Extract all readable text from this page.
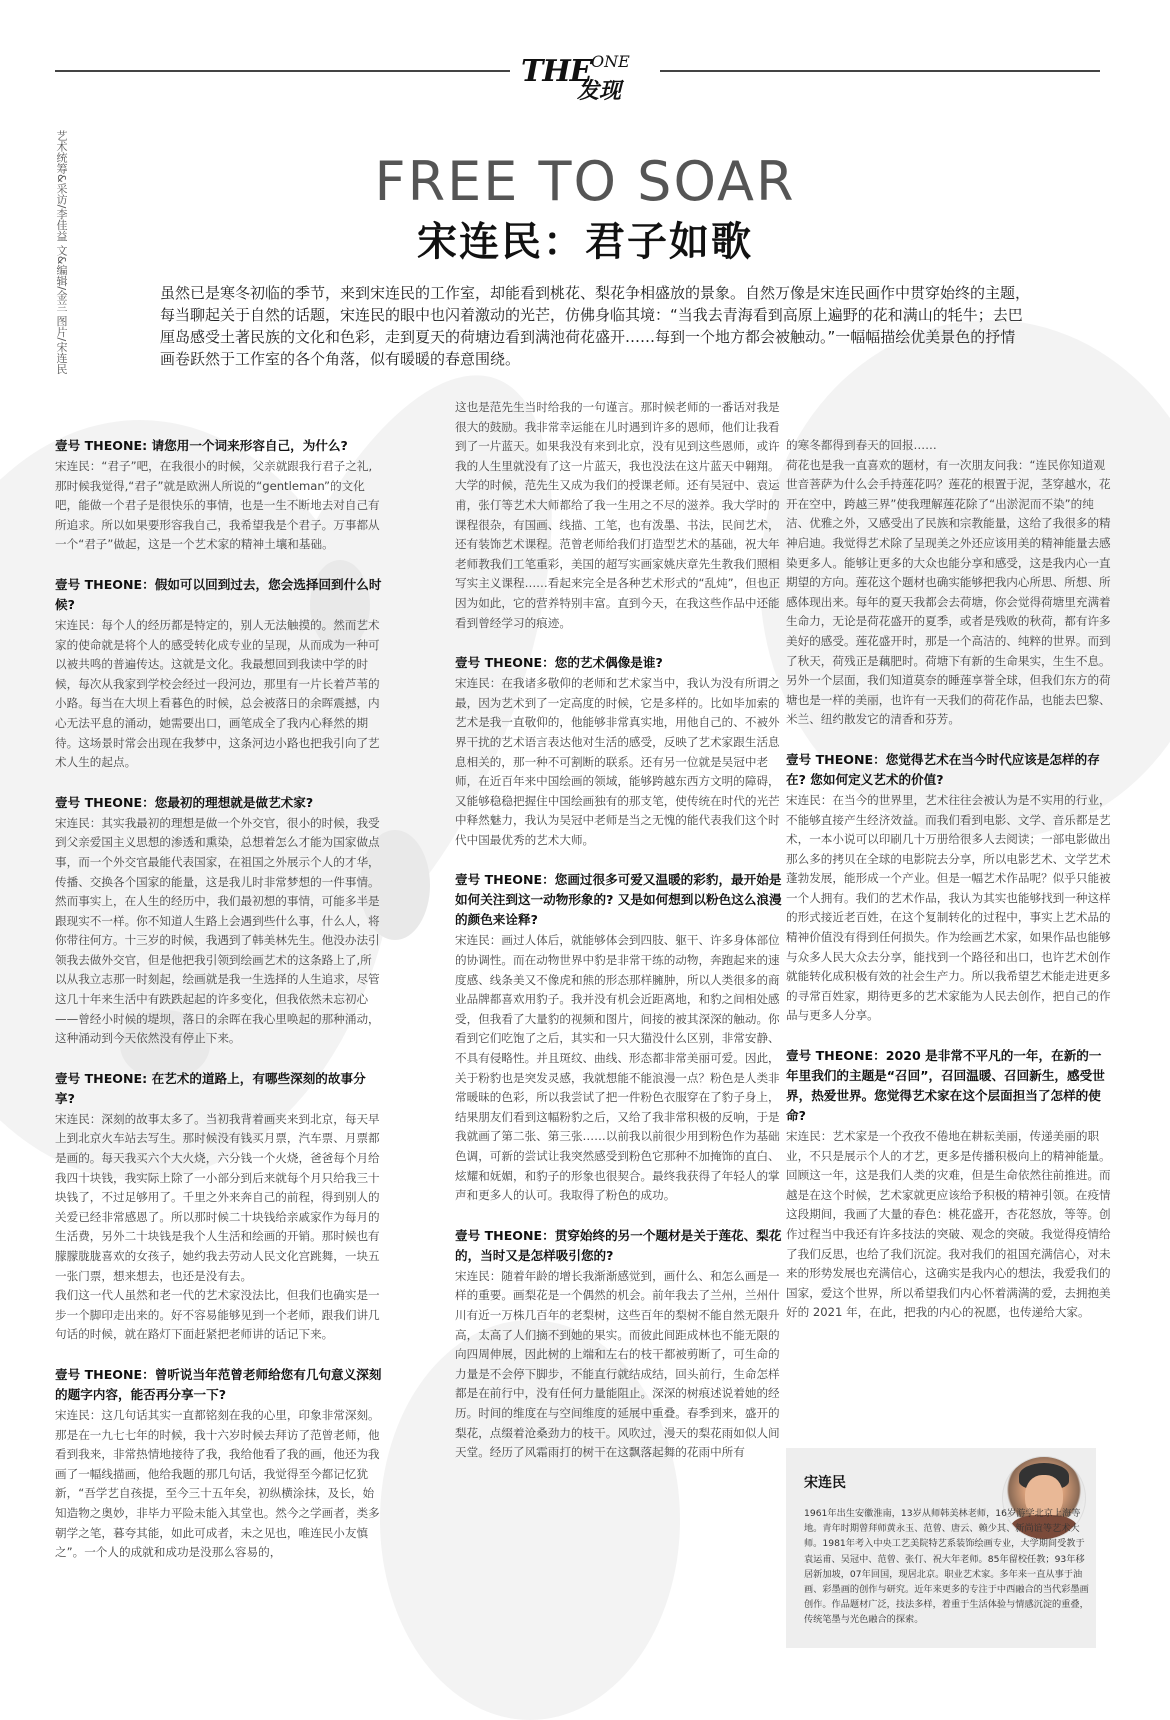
THE ONE
发现
艺术统筹&采访/李佳益 文&编辑/金兰 图片/宋连民	FREE TO SOAR
宋连民：君子如歌
虽然已是寒冬初临的季节，来到宋连民的工作室，却能看到桃花、梨花争相盛放的景象。自然万像是宋连民画作中贯穿始终的主题，每当聊起关于自然的话题，宋连民的眼中也闪着激动的光芒，仿佛身临其境：“当我去青海看到高原上遍野的花和满山的牦牛；去巴厘岛感受土著民族的文化和色彩，走到夏天的荷塘边看到满池荷花盛开……每到一个地方都会被触动。”一幅幅描绘优美景色的抒情画卷跃然于工作室的各个角落，似有暖暖的春意围绕。
壹号 THEONE: 请您用一个词来形容自己，为什么?
宋连民：“君子”吧，在我很小的时候，父亲就跟我行君子之礼,那时候我觉得,“君子”就是欧洲人所说的“gentleman”的文化吧，能做一个君子是很快乐的事情，也是一生不断地去对自己有所追求。所以如果要形容我自己，我希望我是个君子。万事都从一个“君子”做起，这是一个艺术家的精神土壤和基础。
壹号 THEONE：假如可以回到过去，您会选择回到什么时候?
宋连民：每个人的经历都是特定的，别人无法触摸的。然而艺术家的使命就是将个人的感受转化成专业的呈现，从而成为一种可以被共鸣的普遍传达。这就是文化。我最想回到我读中学的时候，每次从我家到学校会经过一段河边，那里有一片长着芦苇的小路。每当在大坝上看暮色的时候，总会被落日的余晖震撼，内心无法平息的涌动，她需要出口，画笔成全了我内心释然的期待。这场景时常会出现在我梦中，这条河边小路也把我引向了艺术人生的起点。
壹号 THEONE：您最初的理想就是做艺术家?
宋连民：其实我最初的理想是做一个外交官，很小的时候，我受到父亲爱国主义思想的渗透和熏染，总想着怎么才能为国家做点事，而一个外交官最能代表国家，在祖国之外展示个人的才华，传播、交换各个国家的能量，这是我儿时非常梦想的一件事情。然而事实上，在人生的经历中，我们最初想的事情，可能多半是跟现实不一样。你不知道人生路上会遇到些什么事，什么人，将你带往何方。十三岁的时候，我遇到了韩美林先生。他没办法引领我去做外交官，但是他把我引领到绘画艺术的这条路上了,所以从我立志那一时刻起，绘画就是我一生选择的人生追求，尽管这几十年来生活中有跌跌起起的许多变化，但我依然未忘初心——曾经小时候的堤坝，落日的余晖在我心里唤起的那种涌动，这种涌动到今天依然没有停止下来。
壹号 THEONE: 在艺术的道路上，有哪些深刻的故事分享?
宋连民：深刻的故事太多了。当初我背着画夹来到北京，每天早上到北京火车站去写生。那时候没有钱买月票，汽车票、月票都是画的。每天我买六个大火烧，六分钱一个火烧，爸爸每个月给我四十块钱，我实际上除了一小部分到后来就每个月只给我三十块钱了，不过足够用了。千里之外来奔自己的前程，得到别人的关爱已经非常感恩了。所以那时候二十块钱给亲戚家作为每月的生活费，另外二十块钱是我个人生活和绘画的开销。那时候也有朦朦胧胧喜欢的女孩子，她约我去劳动人民文化宫跳舞，一块五一张门票，想来想去，也还是没有去。
我们这一代人虽然和老一代的艺术家没法比，但我们也确实是一步一个脚印走出来的。好不容易能够见到一个老师，跟我们讲几句话的时候，就在路灯下面赶紧把老师讲的话记下来。
壹号 THEONE：曾听说当年范曾老师给您有几句意义深刻的题字内容，能否再分享一下?
宋连民：这几句话其实一直都铭刻在我的心里，印象非常深刻。那是在一九七七年的时候，我十六岁时候去拜访了范曾老师，他看到我来，非常热情地接待了我，我给他看了我的画，他还为我画了一幅线描画，他给我题的那几句话，我觉得至今都记忆犹新，“吾学艺自孩提，至今三十五年矣，初纵横涂抹，及长，始知造物之奥妙，非毕力平险未能入其堂也。然今之学画者，类多朝学之笔，暮夸其能，如此可成者，未之见也，唯连民小友慎之”。一个人的成就和成功是没那么容易的，
这也是范先生当时给我的一句谨言。那时候老师的一番话对我是很大的鼓励。我非常幸运能在儿时遇到许多的恩师，他们让我看到了一片蓝天。如果我没有来到北京，没有见到这些恩师，或许我的人生里就没有了这一片蓝天，我也没法在这片蓝天中翱翔。
大学的时候，范先生又成为我们的授课老师。还有吴冠中、袁运甫，张仃等艺术大师都给了我一生用之不尽的滋养。我大学时的课程很杂，有国画、线描、工笔，也有泼墨、书法，民间艺术，还有装饰艺术课程。范曾老师给我们打造型艺术的基础，祝大年老师教我们工笔重彩，美国的超写实画家姚庆章先生教我们照相写实主义课程……看起来完全是各种艺术形式的“乱炖”，但也正因为如此，它的营养特别丰富。直到今天，在我这些作品中还能看到曾经学习的痕迹。
壹号 THEONE：您的艺术偶像是谁?
宋连民：在我诸多敬仰的老师和艺术家当中，我认为没有所谓之最，因为艺术到了一定高度的时候，它是多样的。比如毕加索的艺术是我一直敬仰的，他能够非常真实地，用他自己的、不被外界干扰的艺术语言表达他对生活的感受，反映了艺术家跟生活息息相关的，那一种不可割断的联系。还有另一位就是吴冠中老师，在近百年来中国绘画的领域，能够跨越东西方文明的障碍，又能够稳稳把握住中国绘画独有的那支笔，使传统在时代的光芒中释然魅力，我认为吴冠中老师是当之无愧的能代表我们这个时代中国最优秀的艺术大师。
壹号 THEONE：您画过很多可爱又温暖的彩豹，最开始是如何关注到这一动物形象的? 又是如何想到以粉色这么浪漫的颜色来诠释?
宋连民：画过人体后，就能够体会到四肢、躯干、许多身体部位的协调性。而在动物世界中豹是非常干练的动物，奔跑起来的速度感、线条美又不像虎和熊的形态那样臃肿，所以人类很多的商业品牌都喜欢用豹子。我并没有机会近距离地，和豹之间相处感受，但我看了大量豹的视频和图片，间接的被其深深的触动。你看到它们吃饱了之后，其实和一只大猫没什么区别，非常安静、不具有侵略性。并且斑纹、曲线、形态都非常美丽可爱。因此，关于粉豹也是突发灵感，我就想能不能浪漫一点？粉色是人类非常暖昧的色彩，所以我尝试了把一件粉色衣服穿在了豹子身上，结果朋友们看到这幅粉豹之后，又给了我非常积极的反响，于是我就画了第二张、第三张……以前我以前很少用到粉色作为基础色调，可新的尝试让我突然感受到粉色它那种不加掩饰的直白、炫耀和妩媚，和豹子的形象也很契合。最终我获得了年轻人的掌声和更多人的认可。我取得了粉色的成功。
壹号 THEONE：贯穿始终的另一个题材是关于莲花、梨花的，当时又是怎样吸引您的?
宋连民：随着年龄的增长我渐渐感觉到，画什么、和怎么画是一样的重要。画梨花是一个偶然的机会。前年我去了兰州，兰州什川有近一万株几百年的老梨树，这些百年的梨树不能自然无限升高，太高了人们摘不到她的果实。而彼此间距成林也不能无限的向四周伸展，因此树的上端和左右的枝干都被剪断了，可生命的力量是不会停下脚步，不能直行就结成结，回头前行，生命怎样都是在前行中，没有任何力量能阻止。深深的树痕述说着她的经历。时间的维度在与空间维度的延展中重叠。春季到来，盛开的梨花，点缀着沧桑劲力的枝干。风吹过，漫天的梨花雨如似人间天堂。经历了风霜雨打的树干在这飘落起舞的花雨中所有
的寒冬都得到春天的回报……
荷花也是我一直喜欢的题材，有一次朋友问我：“连民你知道观世音菩萨为什么会手持莲花吗？莲花的根置于泥，茎穿越水，花开在空中，跨越三界”使我理解莲花除了“出淤泥而不染”的纯洁、优雅之外，又感受出了民族和宗教能量，这给了我很多的精神启迪。我觉得艺术除了呈现美之外还应该用美的精神能量去感染更多人。能够让更多的大众也能分享和感受，这是我内心一直期望的方向。莲花这个题材也确实能够把我内心所思、所想、所感体现出来。每年的夏天我都会去荷塘，你会觉得荷塘里充满着生命力，无论是荷花盛开的夏季，或者是残败的秋荷，都有许多美好的感受。莲花盛开时，那是一个高洁的、纯粹的世界。而到了秋天，荷残正是藕肥时。荷塘下有新的生命果实，生生不息。另外一个层面，我们知道莫奈的睡莲享誉全球，但我们东方的荷塘也是一样的美丽，也许有一天我们的荷花作品，也能去巴黎、米兰、纽约散发它的清香和芬芳。
壹号 THEONE：您觉得艺术在当今时代应该是怎样的存在? 您如何定义艺术的价值?
宋连民：在当今的世界里，艺术往往会被认为是不实用的行业，不能够直接产生经济效益。而我们看到电影、文学、音乐都是艺术，一本小说可以印刷几十万册给很多人去阅读；一部电影做出那么多的拷贝在全球的电影院去分享，所以电影艺术、文学艺术蓬勃发展，能形成一个产业。但是一幅艺术作品呢？似乎只能被一个人拥有。我们的艺术作品，我认为其实也能够找到一种这样的形式接近老百姓，在这个复制转化的过程中，事实上艺术品的精神价值没有得到任何损失。作为绘画艺术家，如果作品也能够与众多人民大众去分享，能找到一个路径和出口，也许艺术创作就能转化成积极有效的社会生产力。所以我希望艺术能走进更多的寻常百姓家，期待更多的艺术家能为人民去创作，把自己的作品与更多人分享。
壹号 THEONE：2020 是非常不平凡的一年，在新的一年里我们的主题是“召回”，召回温暖、召回新生，感受世界，热爱世界。您觉得艺术家在这个层面担当了怎样的使命?
宋连民：艺术家是一个孜孜不倦地在耕耘美丽，传递美丽的职业，不只是展示个人的才艺，更多是传播积极向上的精神能量。回顾这一年，这是我们人类的灾难，但是生命依然往前推进。而越是在这个时候，艺术家就更应该给予积极的精神引领。在疫情这段期间，我画了大量的春色：桃花盛开，杏花怒放，等等。创作过程当中我还有许多技法的突破、观念的突破。我觉得疫情给了我们反思，也给了我们沉淀。我对我们的祖国充满信心，对未来的形势发展也充满信心，这确实是我内心的想法，我爱我们的国家，爱这个世界，所以希望我们内心怀着满满的爱，去拥抱美好的 2021 年，在此，把我的内心的祝愿，也传递给大家。
宋连民
1961年出生安徽淮南，13岁从师韩美林老师，16岁游学北京上海等地。青年时期曾拜师黄永玉、范曾、唐云、赖少其、新尚谊等艺术大师。1981年考入中央工艺美院特艺系装饰绘画专业，大学期间受教于袁运甫、吴冠中、范曾、张仃、祝大年老师。85年留校任教；93年移居新加坡，07年回国，现居北京。职业艺术家。多年来一直从事于油画、彩墨画的创作与研究。近年来更多的专注于中西融合的当代彩墨画创作。作品题材广泛，技法多样，着重于生活体验与情感沉淀的重叠，传统笔墨与光色融合的探索。
